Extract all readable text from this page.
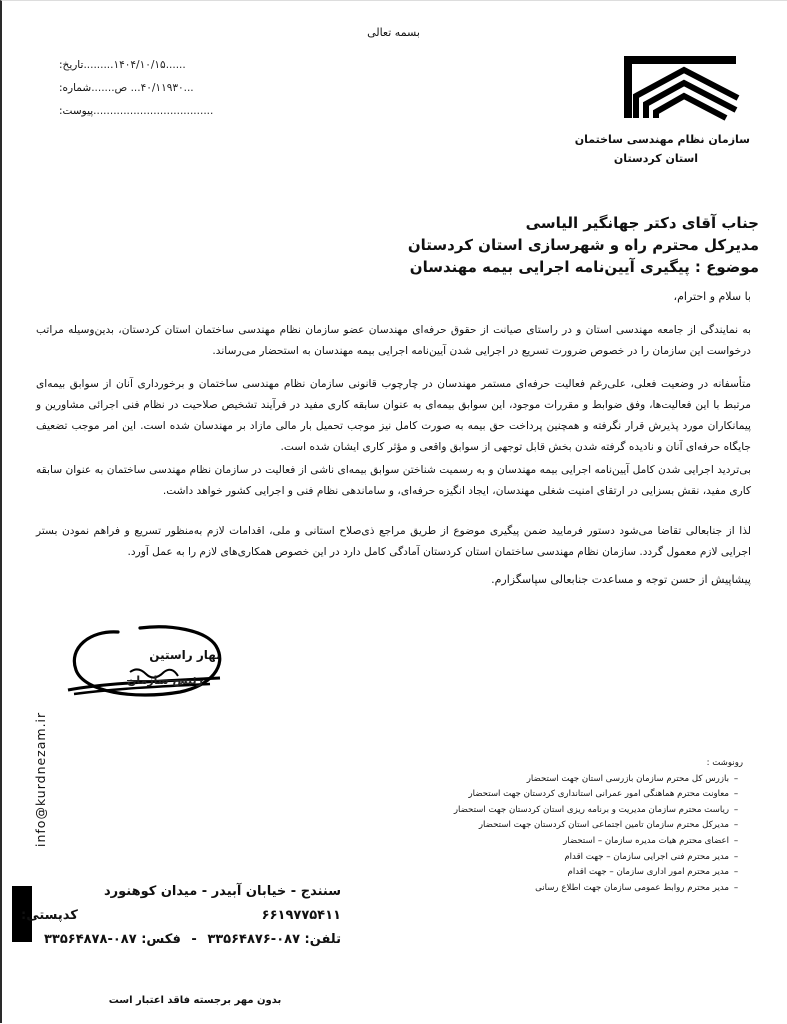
بسمه تعالی
تاریخ: ......۱۴۰۴/۱۰/۱۵.........
شماره: ...۴۰/۱۱۹۳۰... ص.......
پیوست: ....................................
سازمان نظام مهندسی ساختمان
استان کردستان
جناب آقای دکتر جهانگیر الیاسی
مدیرکل محترم راه و شهرسازی استان کردستان
موضوع : پیگیری آیین‌نامه اجرایی بیمه مهندسان
با سلام و احترام،
به نمایندگی از جامعه مهندسی استان و در راستای صیانت از حقوق حرفه‌ای مهندسان عضو سازمان نظام مهندسی ساختمان استان کردستان، بدین‌وسیله مراتب درخواست این سازمان را در خصوص ضرورت تسریع در اجرایی شدن آیین‌نامه اجرایی بیمه مهندسان به استحضار می‌رساند.
متأسفانه در وضعیت فعلی، علی‌رغم فعالیت حرفه‌ای مستمر مهندسان در چارچوب قانونی سازمان نظام مهندسی ساختمان و برخورداری آنان از سوابق بیمه‌ای مرتبط با این فعالیت‌ها، وفق ضوابط و مقررات موجود، این سوابق بیمه‌ای به عنوان سابقه کاری مفید در فرآیند تشخیص صلاحیت در نظام فنی اجرائی مشاورین و پیمانکاران مورد پذیرش قرار نگرفته و همچنین پرداخت حق بیمه به صورت کامل نیز موجب تحمیل بار مالی مازاد بر مهندسان شده است. این امر موجب تضعیف جایگاه حرفه‌ای آنان و نادیده گرفته شدن بخش قابل توجهی از سوابق واقعی و مؤثر کاری ایشان شده است.
بی‌تردید اجرایی شدن کامل آیین‌نامه اجرایی بیمه مهندسان و به رسمیت شناختن سوابق بیمه‌ای ناشی از فعالیت در سازمان نظام مهندسی ساختمان به عنوان سابقه کاری مفید، نقش بسزایی در ارتقای امنیت شغلی مهندسان، ایجاد انگیزه حرفه‌ای، و ساماندهی نظام فنی و اجرایی کشور خواهد داشت.
لذا از جنابعالی تقاضا می‌شود دستور فرمایید ضمن پیگیری موضوع از طریق مراجع ذی‌صلاح استانی و ملی، اقدامات لازم به‌منظور تسریع و فراهم نمودن بستر اجرایی لازم معمول گردد. سازمان نظام مهندسی ساختمان استان کردستان آمادگی کامل دارد در این خصوص همکاری‌های لازم را به عمل آورد.
پیشاپیش از حسن توجه و مساعدت جنابعالی سپاسگزارم.
بهار راستین
رئیس سازمان
info@kurdnezam.ir	رونوشت :
–بازرس کل محترم سازمان بازرسی استان جهت استحضار
–معاونت محترم هماهنگی امور عمرانی استانداری کردستان جهت استحضار
–ریاست محترم سازمان مدیریت و برنامه ریزی استان کردستان جهت استحضار
–مدیرکل محترم سازمان تامین اجتماعی استان کردستان جهت استحضار
–اعضای محترم هیات مدیره سازمان – استحضار
–مدیر محترم فنی اجرایی سازمان – جهت اقدام
–مدیر محترم امور اداری سازمان – جهت اقدام
–مدیر محترم روابط عمومی سازمان جهت اطلاع رسانی
سنندج - خیابان آبیدر - میدان کوهنورد
کدپستی:	۶۶۱۹۷۷۵۴۱۱
تلفن: ۰۸۷-۳۳۵۶۴۸۷۶ - فکس: ۰۸۷-۳۳۵۶۴۸۷۸
بدون مهر برجسته فاقد اعتبار است
